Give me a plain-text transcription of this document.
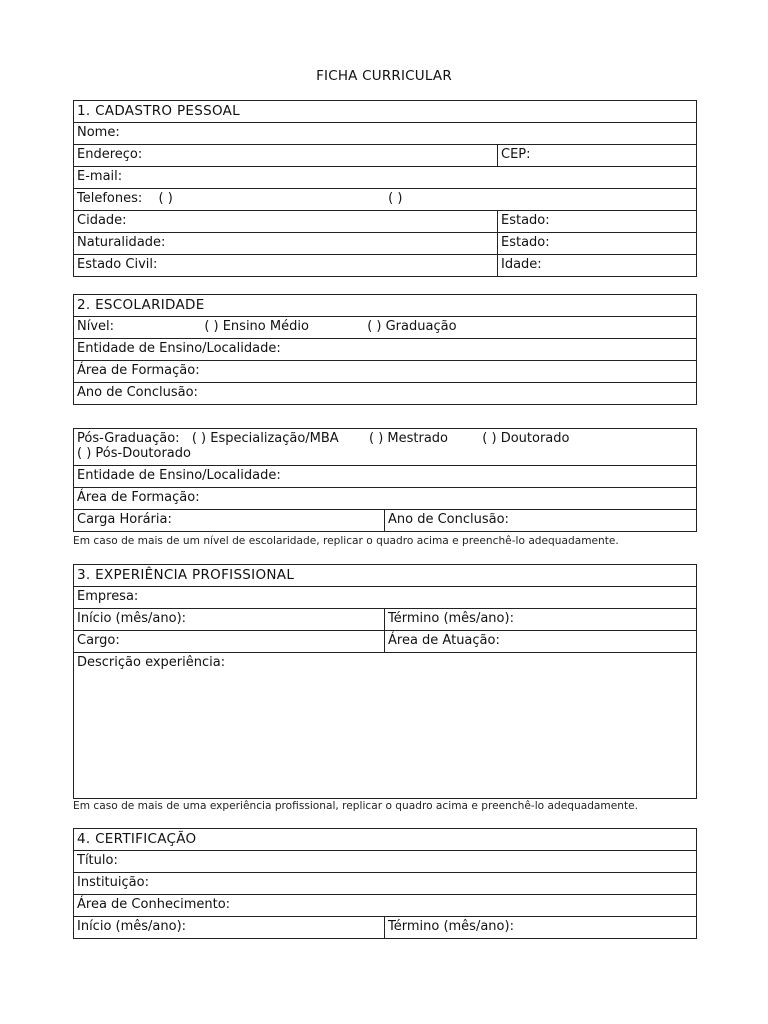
FICHA CURRICULAR
1. CADASTRO PESSOAL	
Nome:	
Endereço:	CEP:
E-mail:	
Telefones: ( ) ( )	
Cidade:	Estado:
Naturalidade:	Estado:
Estado Civil:	Idade:
2. ESCOLARIDADE
Nível:	( ) Ensino Médio	( ) Graduação
Entidade de Ensino/Localidade:
Área de Formação:
Ano de Conclusão:
Pós-Graduação: ( ) Especialização/MBA ( ) Mestrado	( ) Doutorado
( ) Pós-Doutorado
Entidade de Ensino/Localidade:
Área de Formação:
Carga Horária:	Ano de Conclusão:
Em caso de mais de um nível de escolaridade, replicar o quadro acima e preenchê-lo adequadamente.
3. EXPERIÊNCIA PROFISSIONAL	
Empresa:	
Início (mês/ano):	Término (mês/ano):
Cargo:	Área de Atuação:
Descrição experiência:	
Em caso de mais de uma experiência profissional, replicar o quadro acima e preenchê-lo adequadamente.
4. CERTIFICAÇÃO
Título:
Instituição:
Área de Conhecimento:
Início (mês/ano):	Término (mês/ano):
